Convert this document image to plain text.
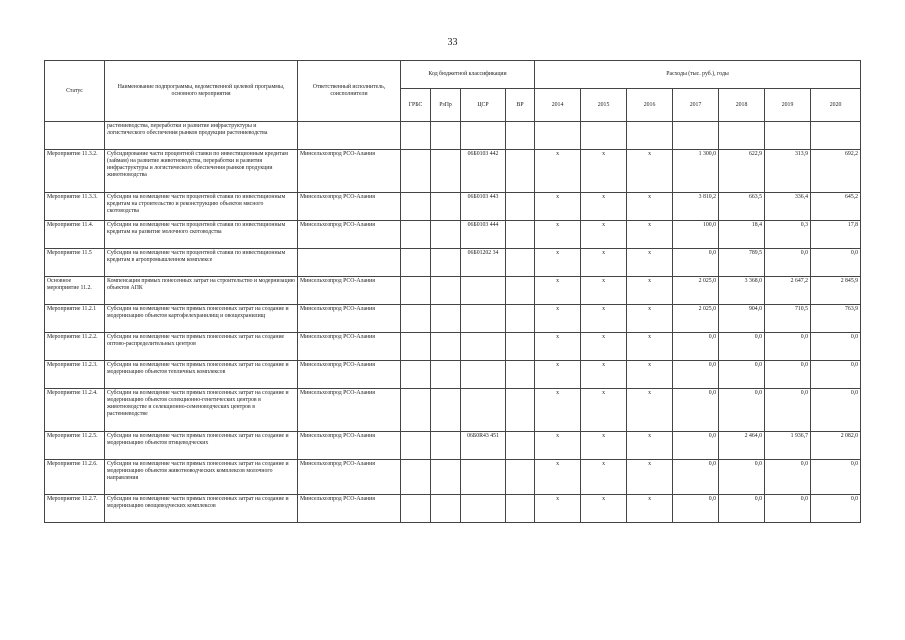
33
Статус	Наименование подпрограммы, ведомственной целевой программы, основного мероприятия	Ответственный исполнитель, соисполнители	Код бюджетной классификации				Расходы (тыс. руб.), годы						
			ГРБС	РзПр	ЦСР	ВР	2014	2015	2016	2017	2018	2019	2020
	растениеводства, переработки и развитие инфраструктуры и логистического обеспечения рынков продукции растениеводства												
Мероприятие 11.3.2.	Субсидирование части процентной ставки по инвестиционным кредитам (займам) на развитие животноводства, переработки и развития инфраструктуры и логистического обеспечения рынков продукции животноводства	Минсельхозпрод РСО-Алания			06Б0103 442		x	x	x	1 300,0	622,9	313,9	692,2
Мероприятие 11.3.3.	Субсидии на возмещение части процентной ставки по инвестиционным кредитам на строительство и реконструкцию объектов мясного скотоводства	Минсельхозпрод РСО-Алания			06Б0103 443		x	x	x	3 810,2	663,5	336,4	645,2
Мероприятие 11.4.	Субсидии на возмещение части процентной ставки по инвестиционным кредитам на развитие молочного скотоводства	Минсельхозпрод РСО-Алания			06Б0103 444		x	x	x	100,0	18,4	0,3	17,8
Мероприятие 11.5	Субсидии на возмещение части процентной ставки по инвестиционным кредитам в агропромышленном комплексе				06Б01202 34		x	x	x	0,0	789,5	0,0	0,0
Основное мероприятие 11.2.	Компенсация прямых понесенных затрат на строительство и модернизацию объектов АПК	Минсельхозпрод РСО-Алания					x	x	x	2 025,0	3 368,0	2 647,2	2 845,9
Мероприятие 11.2.1	Субсидии на возмещение части прямых понесенных затрат на создание и модернизацию объектов картофелехранилищ и овощехранилищ	Минсельхозпрод РСО-Алания					x	x	x	2 025,0	904,0	710,5	763,9
Мероприятие 11.2.2.	Субсидии на возмещение части прямых понесенных затрат на создание оптово-распределительных центров	Минсельхозпрод РСО-Алания					x	x	x	0,0	0,0	0,0	0,0
Мероприятие 11.2.3.	Субсидии на возмещение части прямых понесенных затрат на создание и модернизацию объектов тепличных комплексов	Минсельхозпрод РСО-Алания					x	x	x	0,0	0,0	0,0	0,0
Мероприятие 11.2.4.	Субсидии на возмещение части прямых понесенных затрат на создание и модернизацию объектов селекционно-генетических центров в животноводстве и селекционно-семеноводческих центров в растениеводстве	Минсельхозпрод РСО-Алания					x	x	x	0,0	0,0	0,0	0,0
Мероприятие 11.2.5.	Субсидии на возмещение части прямых понесенных затрат на создание и модернизацию объектов птицеводческих	Минсельхозпрод РСО-Алания			06Б0R43 451		x	x	x	0,0	2 464,0	1 936,7	2 082,0
Мероприятие 11.2.6.	Субсидии на возмещение части прямых понесенных затрат на создание и модернизацию объектов животноводческих комплексов молочного направления	Минсельхозпрод РСО-Алания					x	x	x	0,0	0,0	0,0	0,0
Мероприятие 11.2.7.	Субсидии на возмещение части прямых понесенных затрат на создание и модернизацию овощеводческих комплексов	Минсельхозпрод РСО-Алания					x	x	x	0,0	0,0	0,0	0,0
